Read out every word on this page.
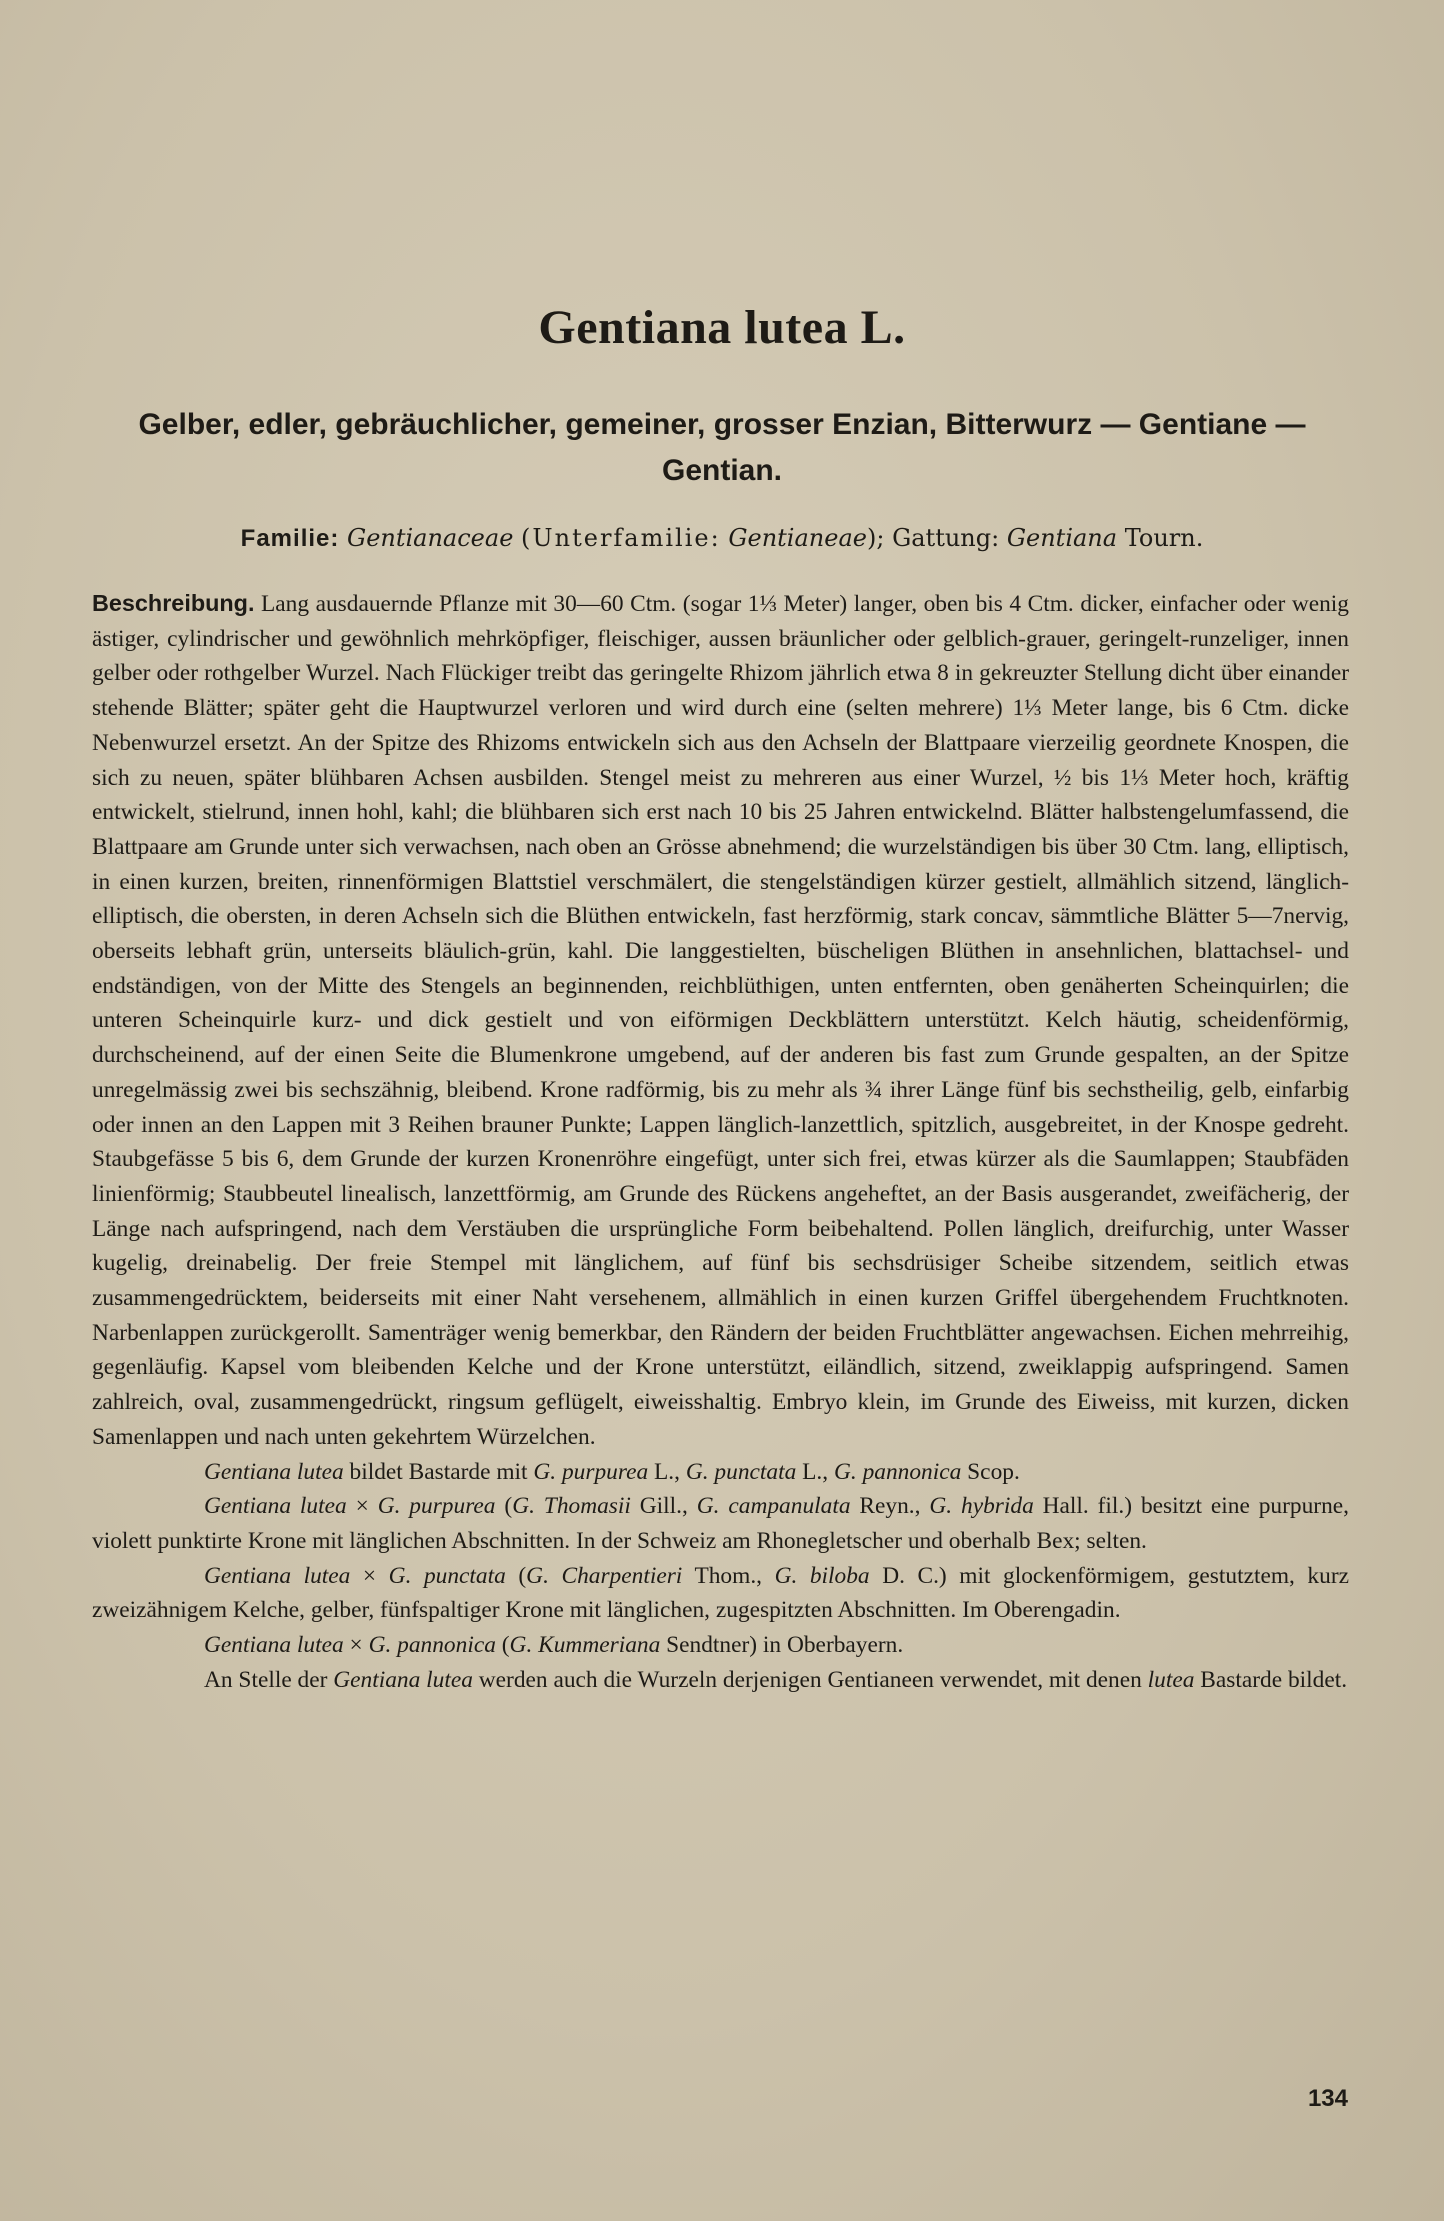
Gentiana lutea L.
Gelber, edler, gebräuchlicher, gemeiner, grosser Enzian, Bitterwurz — Gentiane — Gentian.
Familie: Gentianaceae (Unterfamilie: Gentianeae); Gattung: Gentiana Tourn.

Beschreibung. Lang ausdauernde Pflanze mit 30—60 Ctm. (sogar 1⅓ Meter) langer, oben bis 4 Ctm. dicker, einfacher oder wenig ästiger, cylindrischer und gewöhnlich mehrköpfiger, fleischiger, aussen bräunlicher oder gelblich-grauer, geringelt-runzeliger, innen gelber oder rothgelber Wurzel. Nach Flückiger treibt das geringelte Rhizom jährlich etwa 8 in gekreuzter Stellung dicht über einander stehende Blätter; später geht die Hauptwurzel verloren und wird durch eine (selten mehrere) 1⅓ Meter lange, bis 6 Ctm. dicke Nebenwurzel ersetzt. An der Spitze des Rhizoms entwickeln sich aus den Achseln der Blattpaare vierzeilig geordnete Knospen, die sich zu neuen, später blühbaren Achsen ausbilden. Stengel meist zu mehreren aus einer Wurzel, ½ bis 1⅓ Meter hoch, kräftig entwickelt, stielrund, innen hohl, kahl; die blühbaren sich erst nach 10 bis 25 Jahren entwickelnd. Blätter halbstengelumfassend, die Blattpaare am Grunde unter sich verwachsen, nach oben an Grösse abnehmend; die wurzelständigen bis über 30 Ctm. lang, elliptisch, in einen kurzen, breiten, rinnenförmigen Blattstiel verschmälert, die stengelständigen kürzer gestielt, allmählich sitzend, länglich-elliptisch, die obersten, in deren Achseln sich die Blüthen entwickeln, fast herzförmig, stark concav, sämmtliche Blätter 5—7nervig, oberseits lebhaft grün, unterseits bläulich-grün, kahl. Die langgestielten, büscheligen Blüthen in ansehnlichen, blattachsel- und endständigen, von der Mitte des Stengels an beginnenden, reichblüthigen, unten entfernten, oben genäherten Scheinquirlen; die unteren Scheinquirle kurz- und dick gestielt und von eiförmigen Deckblättern unterstützt. Kelch häutig, scheidenförmig, durchscheinend, auf der einen Seite die Blumenkrone umgebend, auf der anderen bis fast zum Grunde gespalten, an der Spitze unregelmässig zwei bis sechszähnig, bleibend. Krone radförmig, bis zu mehr als ¾ ihrer Länge fünf bis sechstheilig, gelb, einfarbig oder innen an den Lappen mit 3 Reihen brauner Punkte; Lappen länglich-lanzettlich, spitzlich, ausgebreitet, in der Knospe gedreht. Staubgefässe 5 bis 6, dem Grunde der kurzen Kronenröhre eingefügt, unter sich frei, etwas kürzer als die Saumlappen; Staubfäden linienförmig; Staubbeutel linealisch, lanzettförmig, am Grunde des Rückens angeheftet, an der Basis ausgerandet, zweifächerig, der Länge nach aufspringend, nach dem Verstäuben die ursprüngliche Form beibehaltend. Pollen länglich, dreifurchig, unter Wasser kugelig, dreinabelig. Der freie Stempel mit länglichem, auf fünf bis sechsdrüsiger Scheibe sitzendem, seitlich etwas zusammengedrücktem, beiderseits mit einer Naht versehenem, allmählich in einen kurzen Griffel übergehendem Fruchtknoten. Narbenlappen zurückgerollt. Samenträger wenig bemerkbar, den Rändern der beiden Fruchtblätter angewachsen. Eichen mehrreihig, gegenläufig. Kapsel vom bleibenden Kelche und der Krone unterstützt, eiländlich, sitzend, zweiklappig aufspringend. Samen zahlreich, oval, zusammengedrückt, ringsum geflügelt, eiweisshaltig. Embryo klein, im Grunde des Eiweiss, mit kurzen, dicken Samenlappen und nach unten gekehrtem Würzelchen.

Gentiana lutea bildet Bastarde mit G. purpurea L., G. punctata L., G. pannonica Scop.

Gentiana lutea × G. purpurea (G. Thomasii Gill., G. campanulata Reyn., G. hybrida Hall. fil.) besitzt eine purpurne, violett punktirte Krone mit länglichen Abschnitten. In der Schweiz am Rhonegletscher und oberhalb Bex; selten.

Gentiana lutea × G. punctata (G. Charpentieri Thom., G. biloba D. C.) mit glockenförmigem, gestutztem, kurz zweizähnigem Kelche, gelber, fünfspaltiger Krone mit länglichen, zugespitzten Abschnitten. Im Oberengadin.

Gentiana lutea × G. pannonica (G. Kummeriana Sendtner) in Oberbayern.

An Stelle der Gentiana lutea werden auch die Wurzeln derjenigen Gentianeen verwendet, mit denen lutea Bastarde bildet.

134
